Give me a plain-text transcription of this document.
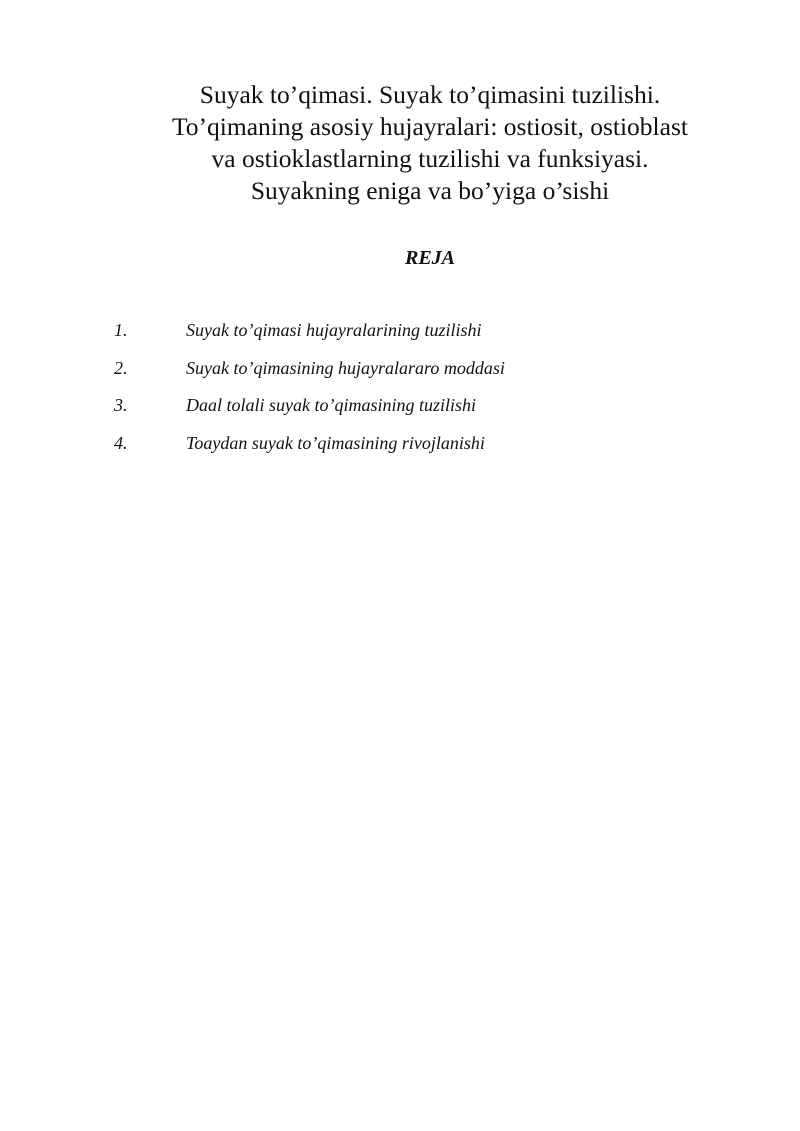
Suyak to’qimasi. Suyak to’qimasini tuzilishi.
To’qimaning asosiy hujayralari: ostiosit, ostioblast
va ostioklastlarning tuzilishi va funksiyasi.
Suyakning eniga va bo’yiga o’sishi
REJA
1.	Suyak to’qimasi hujayralarining tuzilishi
2.	Suyak to’qimasining hujayralararo moddasi
3.	Daal tolali suyak to’qimasining tuzilishi
4.	Toaydan suyak to’qimasining rivojlanishi
